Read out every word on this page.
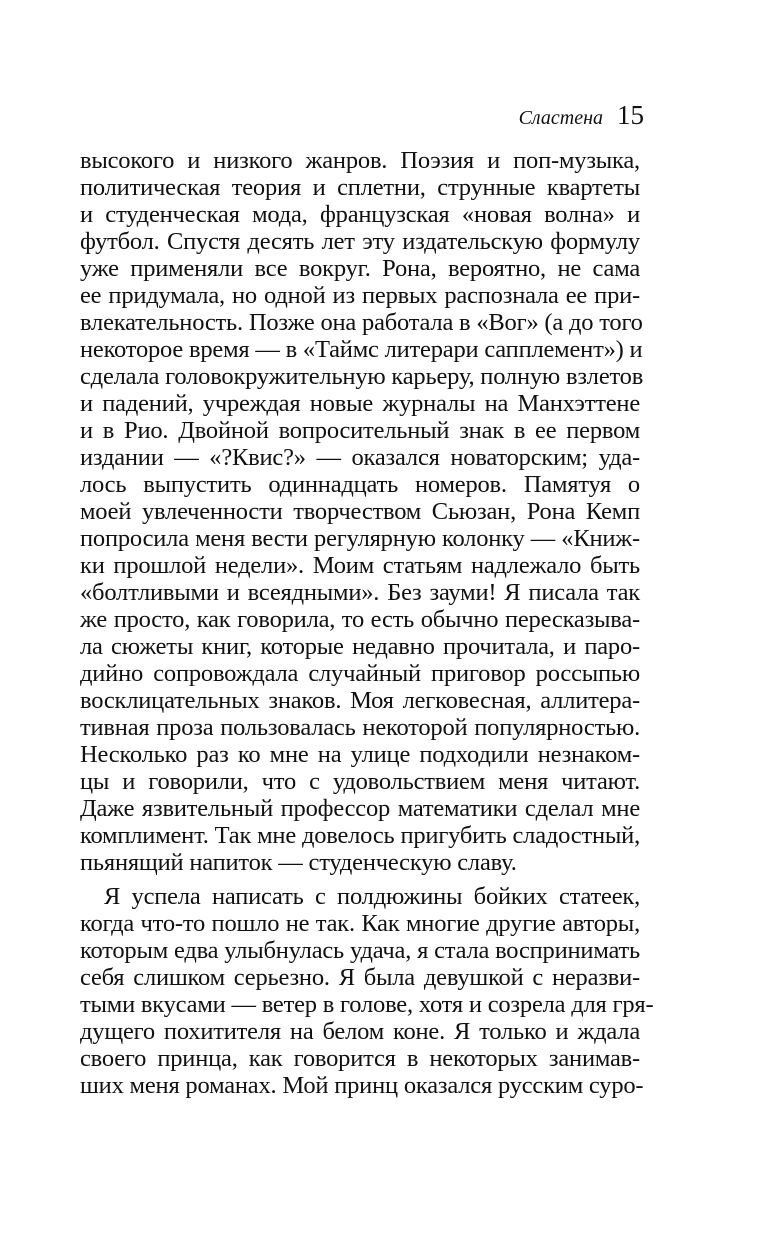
Сластена 15
высокого и низкого жанров. Поэзия и поп-музыка,
политическая теория и сплетни, струнные квартеты
и студенческая мода, французская «новая волна» и
футбол. Спустя десять лет эту издательскую формулу
уже применяли все вокруг. Рона, вероятно, не сама
ее придумала, но одной из первых распознала ее при-
влекательность. Позже она работала в «Вог» (а до того
некоторое время — в «Таймс литерари сапплемент») и
сделала головокружительную карьеру, полную взлетов
и падений, учреждая новые журналы на Манхэттене
и в Рио. Двойной вопросительный знак в ее первом
издании — «?Квис?» — оказался новаторским; уда-
лось выпустить одиннадцать номеров. Памятуя о
моей увлеченности творчеством Сьюзан, Рона Кемп
попросила меня вести регулярную колонку — «Книж-
ки прошлой недели». Моим статьям надлежало быть
«болтливыми и всеядными». Без зауми! Я писала так
же просто, как говорила, то есть обычно пересказыва-
ла сюжеты книг, которые недавно прочитала, и паро-
дийно сопровождала случайный приговор россыпью
восклицательных знаков. Моя легковесная, аллитера-
тивная проза пользовалась некоторой популярностью.
Несколько раз ко мне на улице подходили незнаком-
цы и говорили, что с удовольствием меня читают.
Даже язвительный профессор математики сделал мне
комплимент. Так мне довелось пригубить сладостный,
пьянящий напиток — студенческую славу.
Я успела написать с полдюжины бойких статеек,
когда что-то пошло не так. Как многие другие авторы,
которым едва улыбнулась удача, я стала воспринимать
себя слишком серьезно. Я была девушкой с неразви-
тыми вкусами — ветер в голове, хотя и созрела для гря-
дущего похитителя на белом коне. Я только и ждала
своего принца, как говорится в некоторых занимав-
ших меня романах. Мой принц оказался русским суро-
